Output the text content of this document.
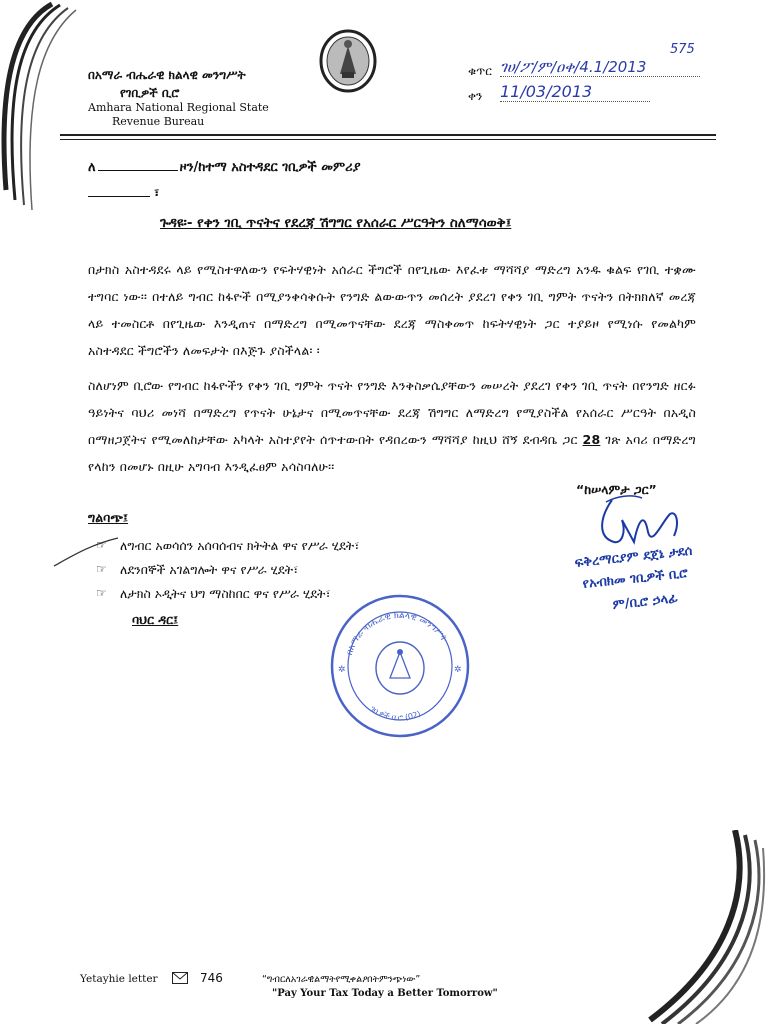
በአማራ ብሔራዊ ክልላዊ መንግሥት
የገቢዎች ቢሮ
Amhara National Regional State
Revenue Bureau
ቁጥር ገሀ/ፖ/ም/ዐቀ/4.1/2013
575
ቀን 11/03/2013
ለ	ዞን/ከተማ አስተዳደር ገቢዎች መምሪያ
፣
ጉዳዩ፡- የቀን ገቢ ጥናትና የደረጃ ሽግግር የአሰራር ሥርዓትን ስለማሳወቅ፤
በታክስ አስተዳደሩ ላይ የሚስተዋለውን የፍትሃዊነት አሰራር ችግሮች በየጊዜው እየፈቱ ማሻሻያ ማድረግ አንዱ ቁልፍ የገቢ ተቋሙ ተግባር ነው፡፡ በተለይ ግብር ከፋዮች በሚያንቀሳቅሱት የንግድ ልውውጥን መሰረት ያደረገ የቀን ገቢ ግምት ጥናትን በትክክለኛ መረጃ ላይ ተመስርቶ በየጊዜው እንዲጠና በማድረግ በሚመጥናቸው ደረጃ ማስቀመጥ ከፍትሃዊነት ጋር ተያይዞ የሚነሱ የመልካም አስተዳደር ችግሮችን ለመፍታት በእጅጉ ያስችላል፡ ፡
ስለሆነም ቢሮው የግብር ከፋዮችን የቀን ገቢ ግምት ጥናት የንግድ እንቅስቃሴያቸውን መሠረት ያደረገ የቀን ገቢ ጥናት በየንግድ ዘርፉ ዓይነትና ባህሪ መነሻ በማድረግ የጥናት ሁኔታና በሚመጥናቸው ደረጃ ሽግግር ለማድረግ የሚያስችል የአሰራር ሥርዓት በአዲስ በማዘጋጀትና የሚመለከታቸው አካላት አስተያየት ሰጥተውበት የዳበረውን ማሻሻያ ከዚህ ሸኝ ደብዳቤ ጋር 28 ገጽ አባሪ በማድረግ የላከን በመሆኑ በዚሁ አግባብ እንዲፈፀም አሳስባለሁ፡፡
“ከሠላምታ ጋር”
ፍቅረማርያም ደጀኔ ታደሰ
የአብክመ ገቢዎች ቢሮ
ም/ቢሮ ኃላፊ
ግልባጭ፤
☞ ለግብር አወሳሰን አሰባሰብና ክትትል ዋና የሥራ ሂደት፣
☞ ለደንበኞች አገልግሎት ዋና የሥራ ሂደት፣
☞ ለታክስ ኦዲትና ህግ ማስከበር ዋና የሥራ ሂደት፣
ባህር ዳር፤
በአማራ ብሔራዊ ክልላዊ መንግሥት
ገቢዎች ቢሮ (02)
✲	✲
Yetayhie letter	746	“ግብርለአገራዊልማትየሚቀልዖበትምንጭነው”
"Pay Your Tax Today a Better Tomorrow"
